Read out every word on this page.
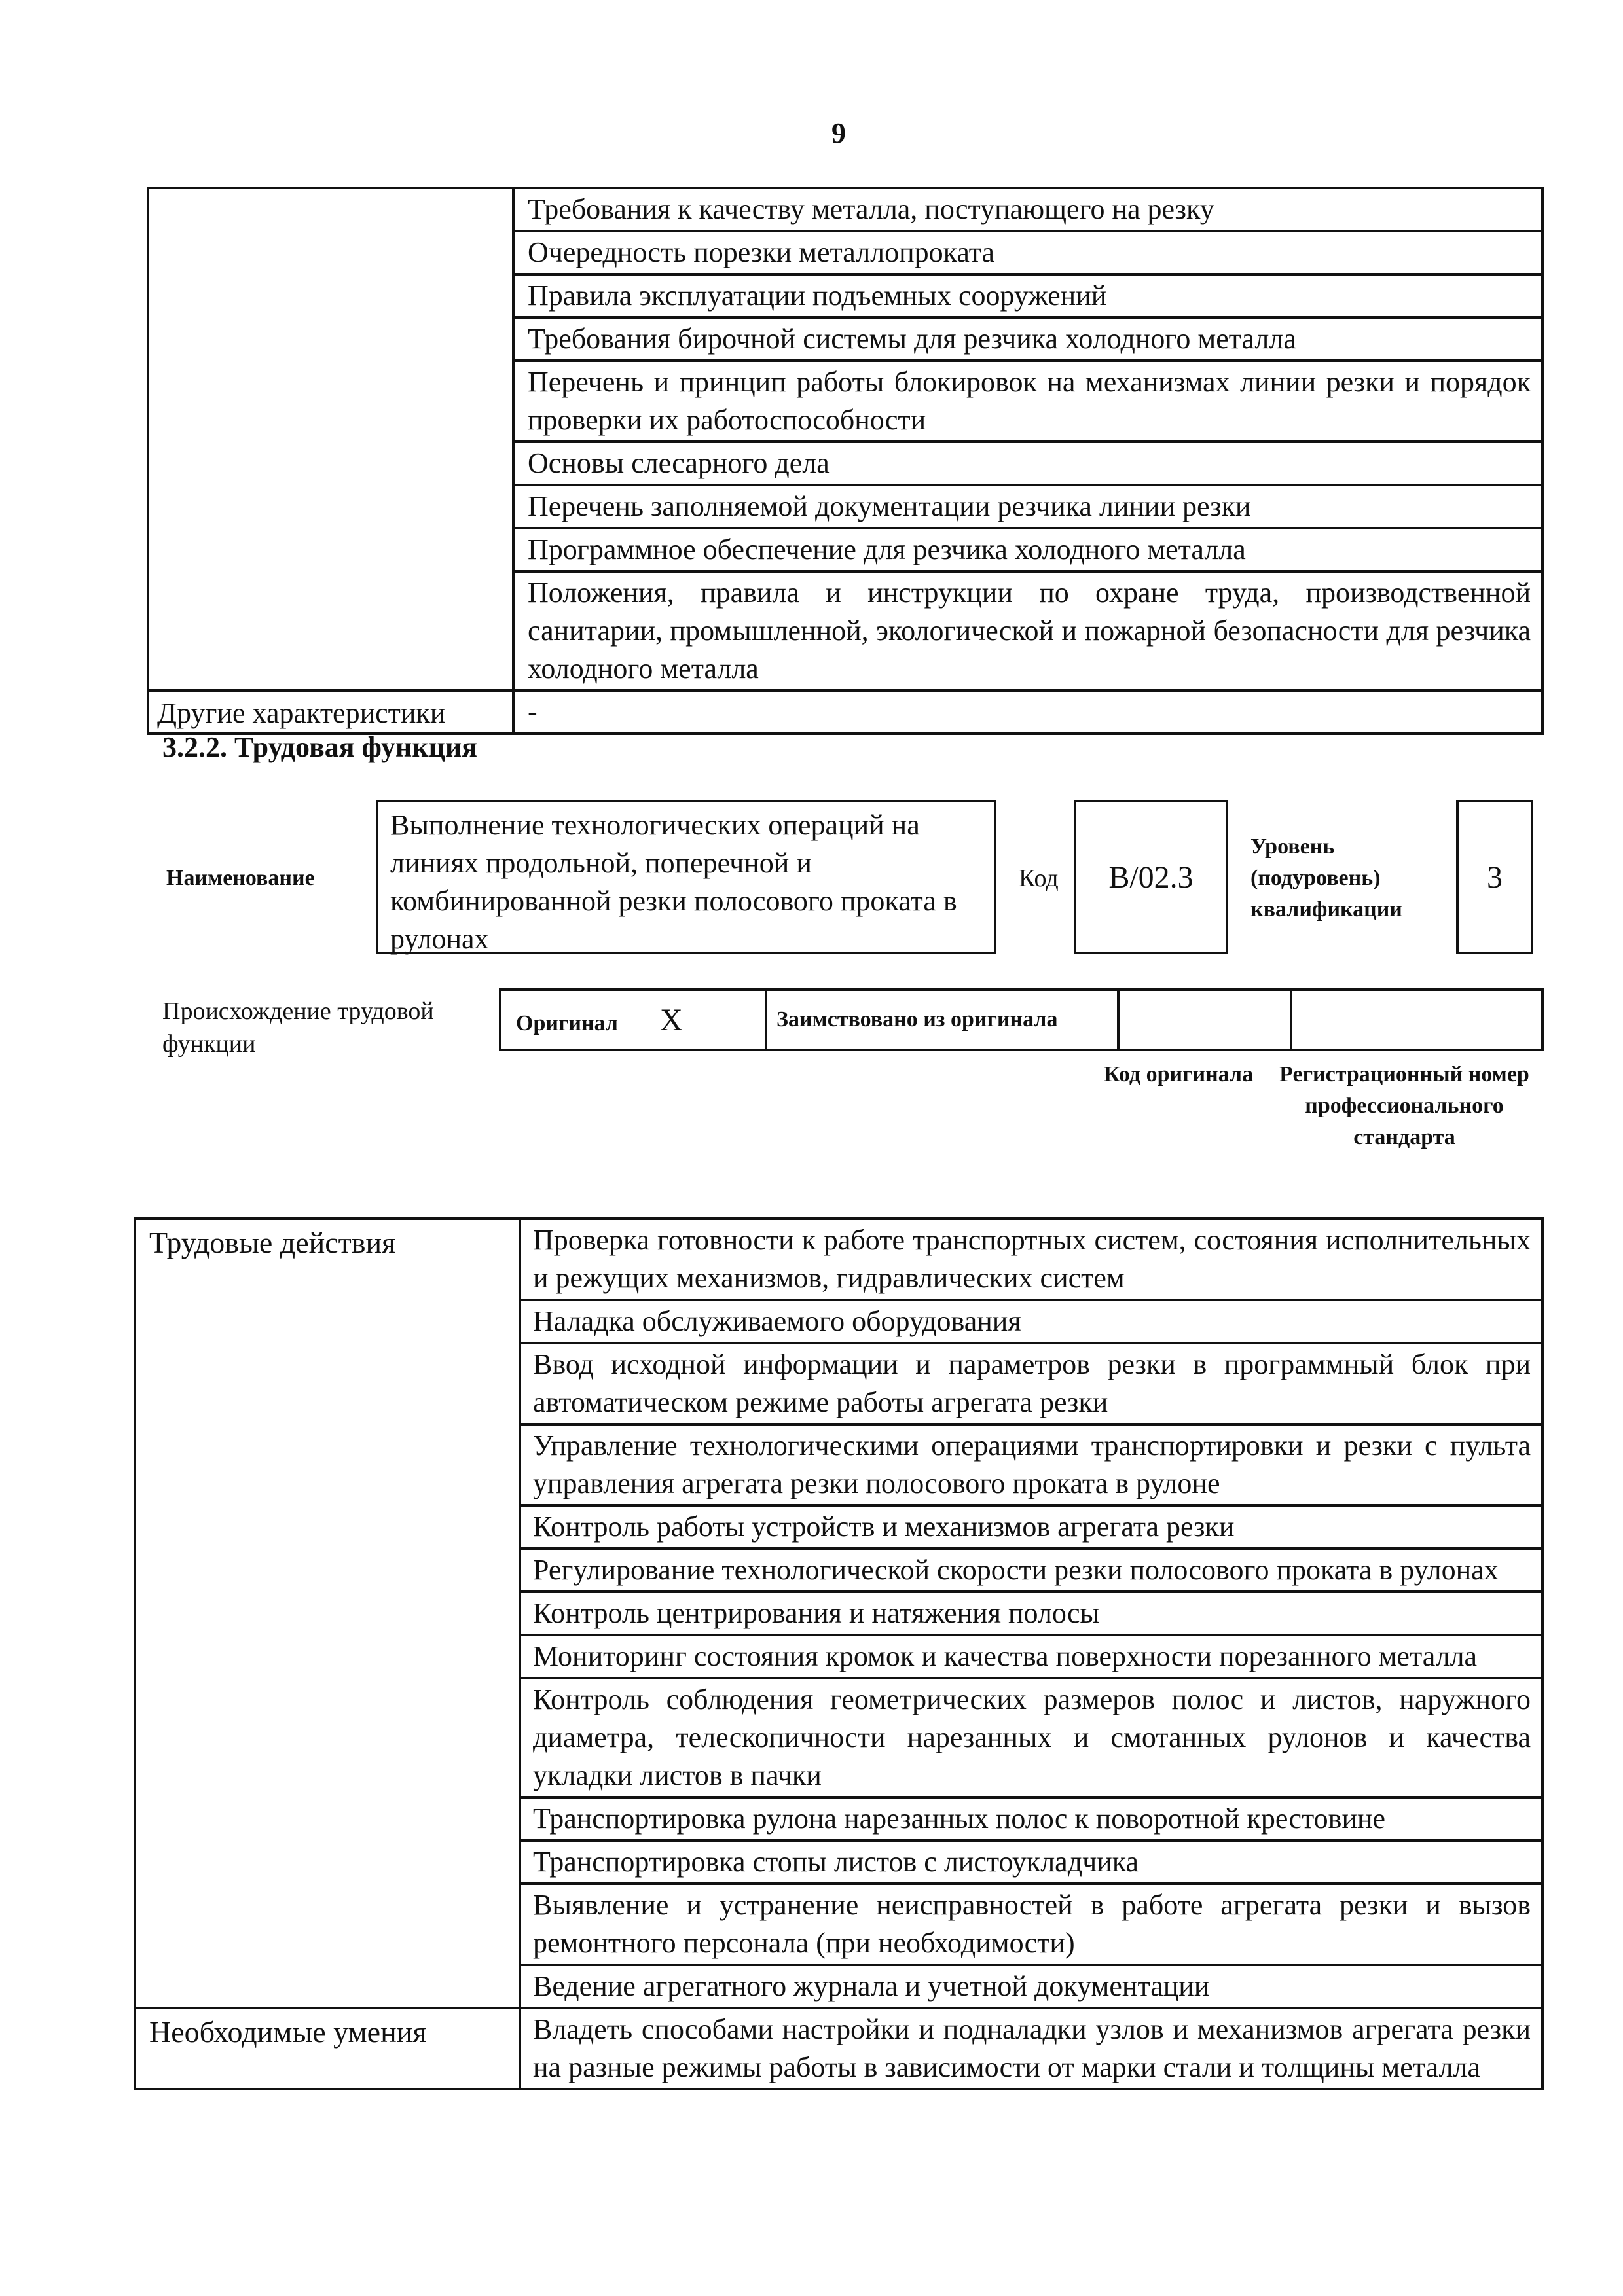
9
	Требования к качеству металла, поступающего на резку
	Очередность порезки металлопроката
	Правила эксплуатации подъемных сооружений
	Требования бирочной системы для резчика холодного металла
	Перечень и принцип работы блокировок на механизмах линии резки и порядок проверки их работоспособности
	Основы слесарного дела
	Перечень заполняемой документации резчика линии резки
	Программное обеспечение для резчика холодного металла
	Положения, правила и инструкции по охране труда, производственной санитарии, промышленной, экологической и пожарной безопасности для резчика холодного металла
Другие характеристики	-
3.2.2. Трудовая функция
Наименование
Выполнение технологических операций на линиях продольной, поперечной и комбинированной резки полосового проката в рулонах
Код	B/02.3
Уровень (подуровень) квалификации
3
Происхождение трудовой функции
Оригинал X	Заимствовано из оригинала		
Код оригинала Регистрационный номер профессионального стандарта
Трудовые действия	Проверка готовности к работе транспортных систем, состояния исполнительных и режущих механизмов, гидравлических систем
	Наладка обслуживаемого оборудования
	Ввод исходной информации и параметров резки в программный блок при автоматическом режиме работы агрегата резки
	Управление технологическими операциями транспортировки и резки с пульта управления агрегата резки полосового проката в рулоне
	Контроль работы устройств и механизмов агрегата резки
	Регулирование технологической скорости резки полосового проката в рулонах
	Контроль центрирования и натяжения полосы
	Мониторинг состояния кромок и качества поверхности порезанного металла
	Контроль соблюдения геометрических размеров полос и листов, наружного диаметра, телескопичности нарезанных и смотанных рулонов и качества укладки листов в пачки
	Транспортировка рулона нарезанных полос к поворотной крестовине
	Транспортировка стопы листов с листоукладчика
	Выявление и устранение неисправностей в работе агрегата резки и вызов ремонтного персонала (при необходимости)
	Ведение агрегатного журнала и учетной документации
Необходимые умения	Владеть способами настройки и подналадки узлов и механизмов агрегата резки на разные режимы работы в зависимости от марки стали и толщины металла
